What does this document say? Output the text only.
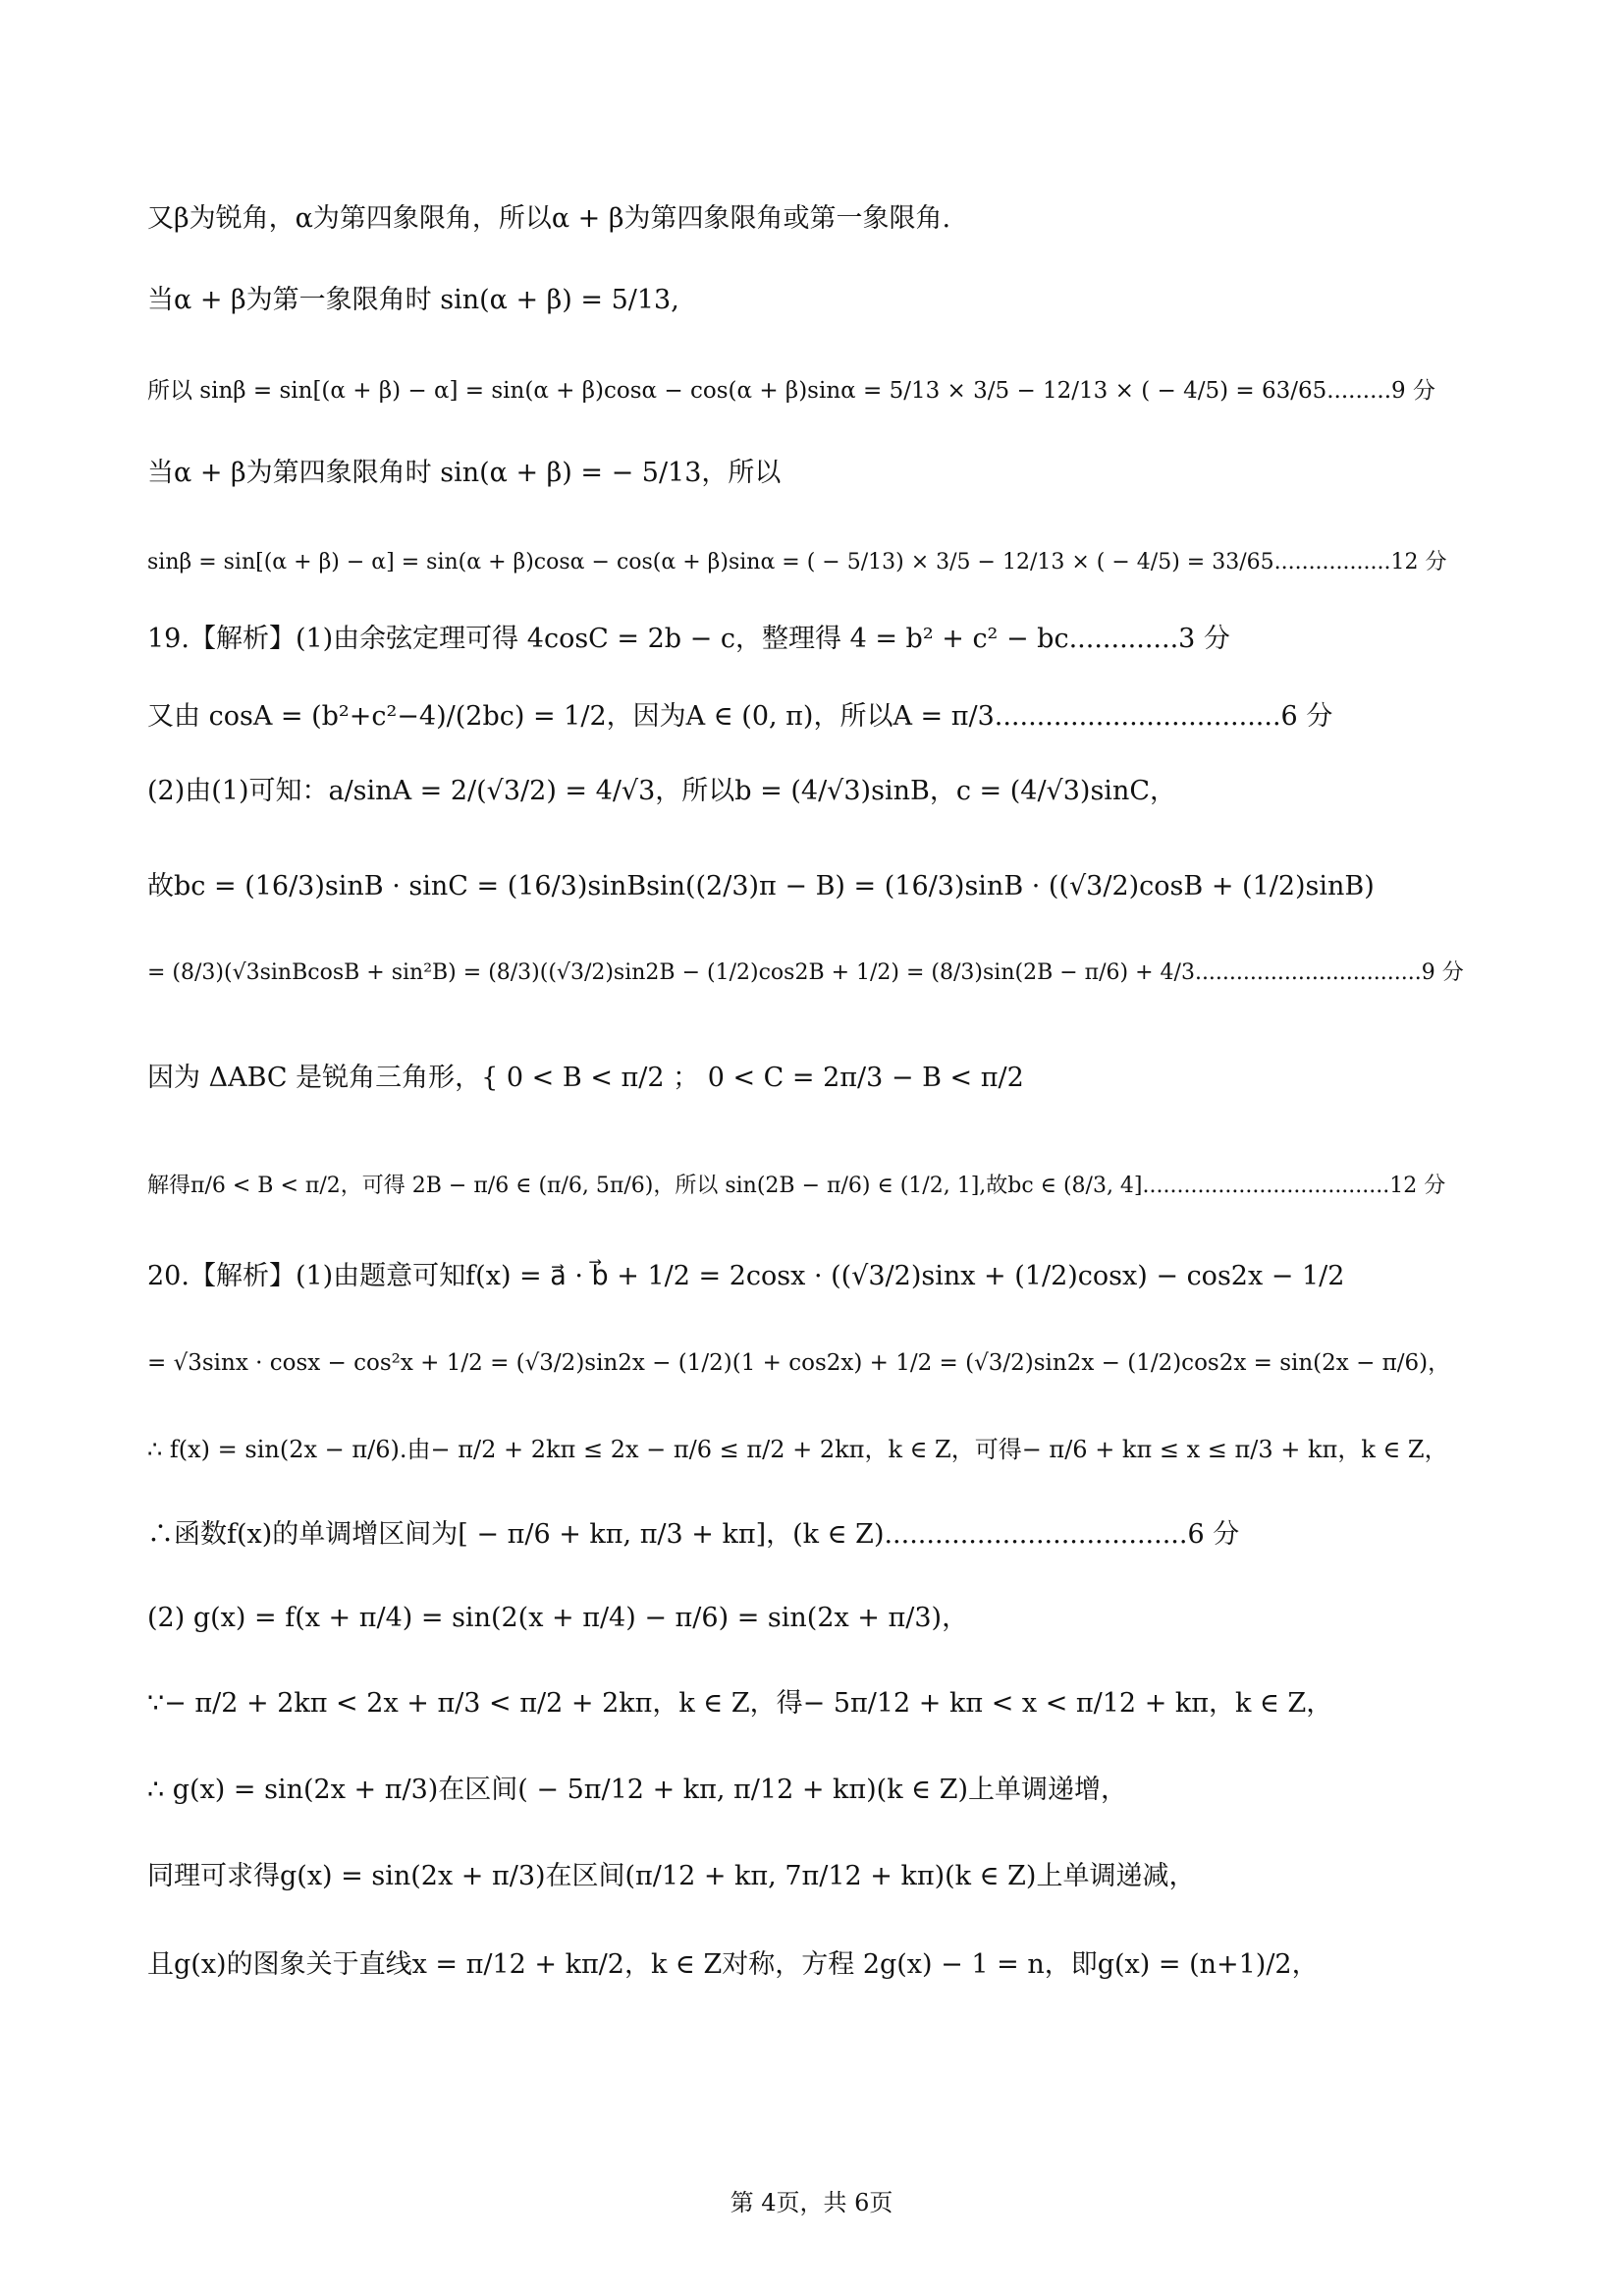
又β为锐角，α为第四象限角，所以α + β为第四象限角或第一象限角.
当α + β为第一象限角时 sin(α + β) = 5/13,
所以 sinβ = sin[(α + β) − α] = sin(α + β)cosα − cos(α + β)sinα = 5/13 × 3/5 − 12/13 × ( − 4/5) = 63/65.........9 分
当α + β为第四象限角时 sin(α + β) = − 5/13，所以
sinβ = sin[(α + β) − α] = sin(α + β)cosα − cos(α + β)sinα = ( − 5/13) × 3/5 − 12/13 × ( − 4/5) = 33/65.................12 分
19.【解析】(1)由余弦定理可得 4cosC = 2b − c，整理得 4 = b² + c² − bc.............3 分
又由 cosA = (b²+c²−4)/(2bc) = 1/2，因为A ∈ (0, π)，所以A = π/3..................................6 分
(2)由(1)可知：a/sinA = 2/(√3/2) = 4/√3，所以b = (4/√3)sinB，c = (4/√3)sinC，
故bc = (16/3)sinB · sinC = (16/3)sinBsin((2/3)π − B) = (16/3)sinB · ((√3/2)cosB + (1/2)sinB)
= (8/3)(√3sinBcosB + sin²B) = (8/3)((√3/2)sin2B − (1/2)cos2B + 1/2) = (8/3)sin(2B − π/6) + 4/3.................................9 分
因为 ΔABC 是锐角三角形，{ 0 < B < π/2 ； 0 < C = 2π/3 − B < π/2
解得π/6 < B < π/2，可得 2B − π/6 ∈ (π/6, 5π/6)，所以 sin(2B − π/6) ∈ (1/2, 1],故bc ∈ (8/3, 4]....................................12 分
20.【解析】(1)由题意可知f(x) = a⃗ · b⃗ + 1/2 = 2cosx · ((√3/2)sinx + (1/2)cosx) − cos2x − 1/2
= √3sinx · cosx − cos²x + 1/2 = (√3/2)sin2x − (1/2)(1 + cos2x) + 1/2 = (√3/2)sin2x − (1/2)cos2x = sin(2x − π/6)，
∴ f(x) = sin(2x − π/6).由− π/2 + 2kπ ≤ 2x − π/6 ≤ π/2 + 2kπ，k ∈ Z，可得− π/6 + kπ ≤ x ≤ π/3 + kπ，k ∈ Z，
∴函数f(x)的单调增区间为[ − π/6 + kπ, π/3 + kπ]，(k ∈ Z)....................................6 分
(2) g(x) = f(x + π/4) = sin(2(x + π/4) − π/6) = sin(2x + π/3)，
∵− π/2 + 2kπ < 2x + π/3 < π/2 + 2kπ，k ∈ Z，得− 5π/12 + kπ < x < π/12 + kπ，k ∈ Z，
∴ g(x) = sin(2x + π/3)在区间( − 5π/12 + kπ, π/12 + kπ)(k ∈ Z)上单调递增，
同理可求得g(x) = sin(2x + π/3)在区间(π/12 + kπ, 7π/12 + kπ)(k ∈ Z)上单调递减，
且g(x)的图象关于直线x = π/12 + kπ/2，k ∈ Z对称，方程 2g(x) − 1 = n，即g(x) = (n+1)/2，
第 4页，共 6页
